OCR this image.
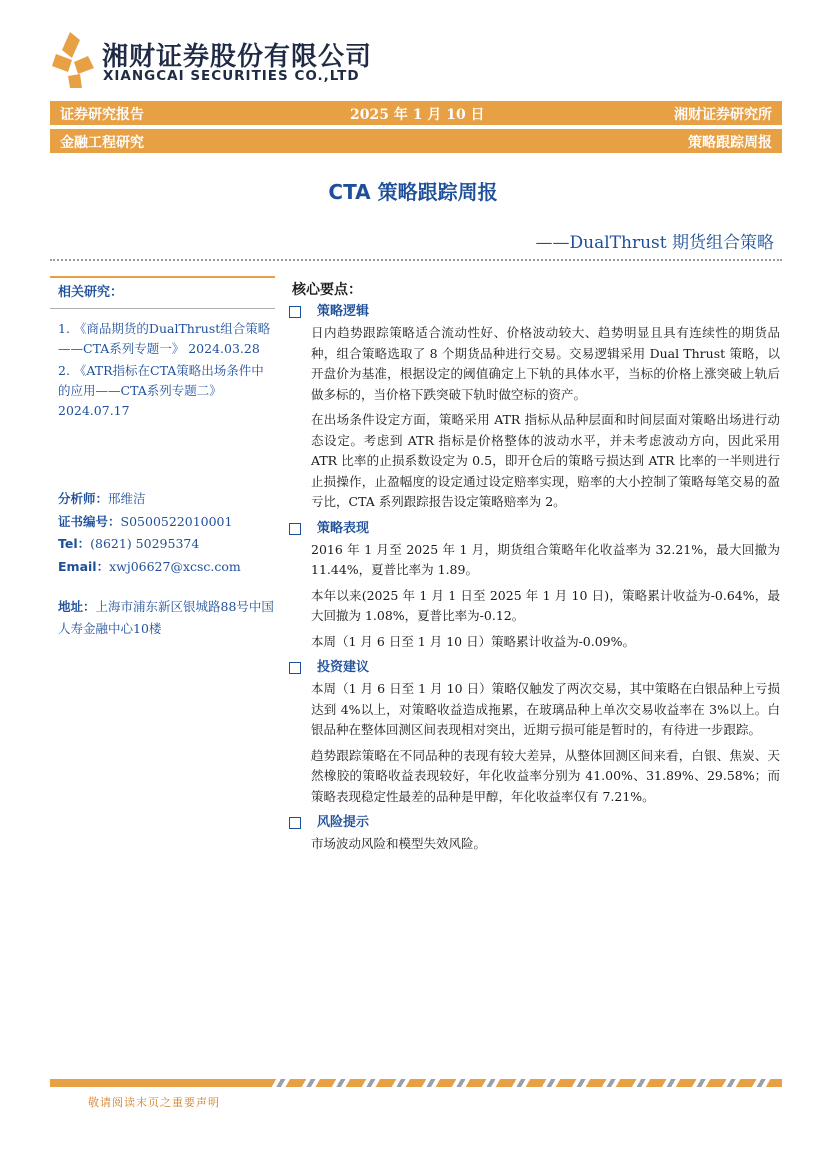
湘财证券股份有限公司
XIANGCAI SECURITIES CO.,LTD
证券研究报告	2025 年 1 月 10 日	湘财证券研究所
金融工程研究	策略跟踪周报
CTA 策略跟踪周报
——DualThrust 期货组合策略
相关研究：
1. 《商品期货的DualThrust组合策略——CTA系列专题一》 2024.03.28
2. 《ATR指标在CTA策略出场条件中的应用——CTA系列专题二》 2024.07.17
分析师：邢维洁
证书编号：S0500522010001
Tel：(8621) 50295374
Email：xwj06627@xcsc.com
地址：上海市浦东新区银城路88号中国人寿金融中心10楼
核心要点：
策略逻辑

日内趋势跟踪策略适合流动性好、价格波动较大、趋势明显且具有连续性的期货品种，组合策略选取了 8 个期货品种进行交易。交易逻辑采用 Dual Thrust 策略，以开盘价为基准，根据设定的阈值确定上下轨的具体水平，当标的价格上涨突破上轨后做多标的，当价格下跌突破下轨时做空标的资产。

在出场条件设定方面，策略采用 ATR 指标从品种层面和时间层面对策略出场进行动态设定。考虑到 ATR 指标是价格整体的波动水平，并未考虑波动方向，因此采用 ATR 比率的止损系数设定为 0.5，即开仓后的策略亏损达到 ATR 比率的一半则进行止损操作，止盈幅度的设定通过设定赔率实现，赔率的大小控制了策略每笔交易的盈亏比，CTA 系列跟踪报告设定策略赔率为 2。

策略表现

2016 年 1 月至 2025 年 1 月，期货组合策略年化收益率为 32.21%，最大回撤为 11.44%，夏普比率为 1.89。

本年以来(2025 年 1 月 1 日至 2025 年 1 月 10 日)，策略累计收益为-0.64%，最大回撤为 1.08%，夏普比率为-0.12。

本周（1 月 6 日至 1 月 10 日）策略累计收益为-0.09%。

投资建议

本周（1 月 6 日至 1 月 10 日）策略仅触发了两次交易，其中策略在白银品种上亏损达到 4%以上，对策略收益造成拖累，在玻璃品种上单次交易收益率在 3%以上。白银品种在整体回测区间表现相对突出，近期亏损可能是暂时的，有待进一步跟踪。

趋势跟踪策略在不同品种的表现有较大差异，从整体回测区间来看，白银、焦炭、天然橡胶的策略收益表现较好，年化收益率分别为 41.00%、31.89%、29.58%；而策略表现稳定性最差的品种是甲醇，年化收益率仅有 7.21%。

风险提示

市场波动风险和模型失效风险。

敬请阅读末页之重要声明
